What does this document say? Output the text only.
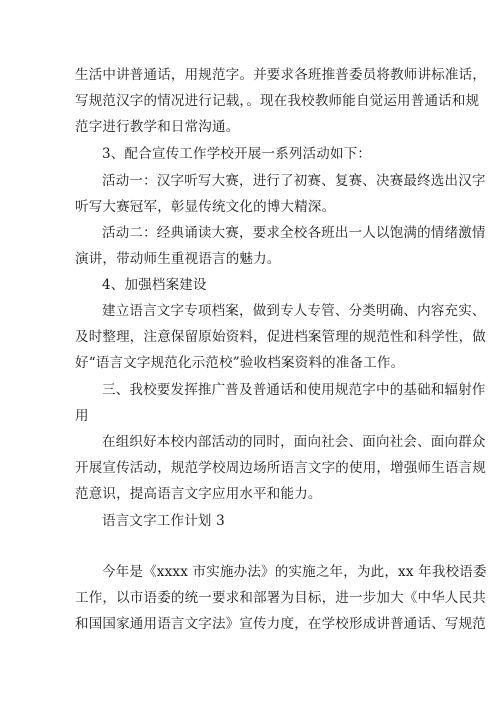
生活中讲普通话，用规范字。并要求各班推普委员将教师讲标准话，
写规范汉字的情况进行记载，。现在我校教师能自觉运用普通话和规
范字进行教学和日常沟通。
3、配合宣传工作学校开展一系列活动如下：
活动一：汉字听写大赛，进行了初赛、复赛、决赛最终选出汉字
听写大赛冠军，彰显传统文化的博大精深。
活动二：经典诵读大赛，要求全校各班出一人以饱满的情绪激情
演讲，带动师生重视语言的魅力。
4、加强档案建设
建立语言文字专项档案，做到专人专管、分类明确、内容充实、
及时整理，注意保留原始资料，促进档案管理的规范性和科学性，做
好“语言文字规范化示范校”验收档案资料的准备工作。
三、我校要发挥推广普及普通话和使用规范字中的基础和辐射作
用
在组织好本校内部活动的同时，面向社会、面向社会、面向群众
开展宣传活动，规范学校周边场所语言文字的使用，增强师生语言规
范意识，提高语言文字应用水平和能力。
语言文字工作计划 3
今年是《xxxx 市实施办法》的实施之年，为此，xx 年我校语委
工作，以市语委的统一要求和部署为目标，进一步加大《中华人民共
和国国家通用语言文字法》宣传力度，在学校形成讲普通话、写规范
